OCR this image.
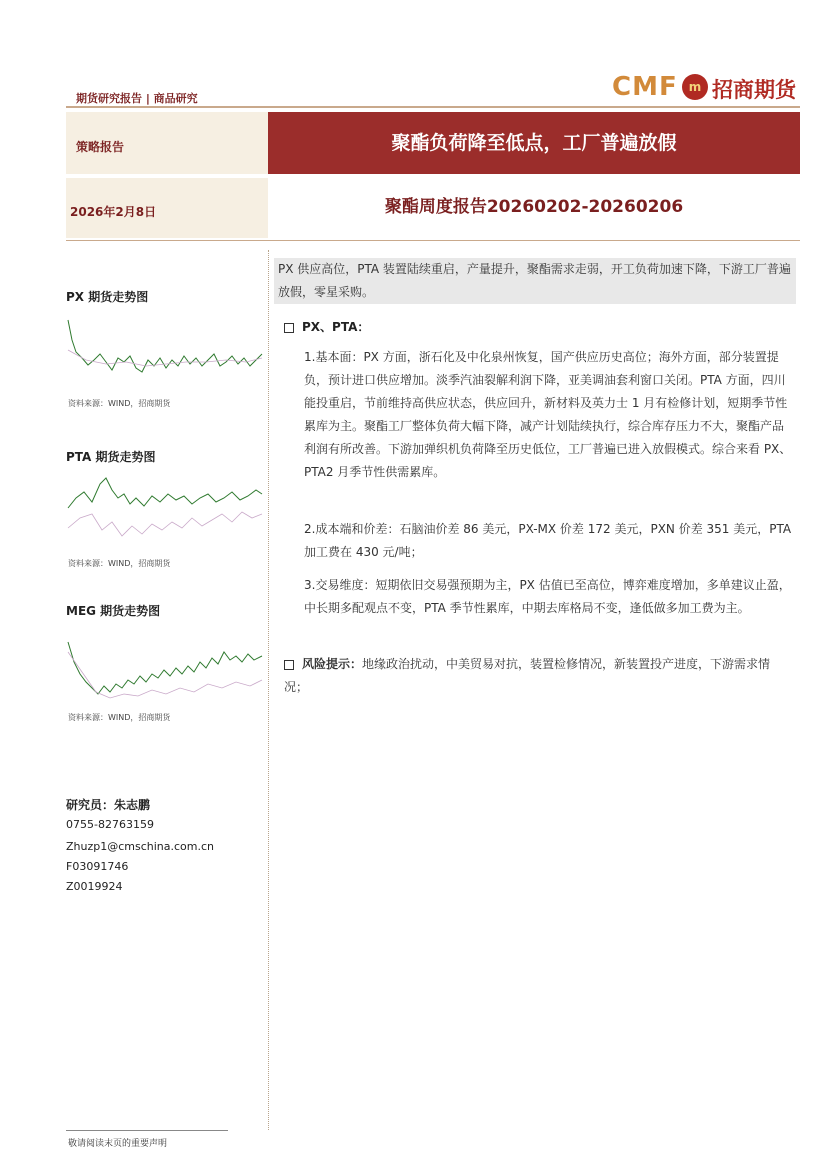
期货研究报告 | 商品研究	CMF m 招商期货
策略报告	聚酯负荷降至低点，工厂普遍放假
2026年2月8日	聚酯周度报告20260202-20260206
PX 供应高位，PTA 装置陆续重启，产量提升，聚酯需求走弱，开工负荷加速下降，下游工厂普遍放假，零星采购。
PX、PTA：
1.基本面：PX 方面，浙石化及中化泉州恢复，国产供应历史高位；海外方面，部分装置提负，预计进口供应增加。淡季汽油裂解利润下降，亚美调油套利窗口关闭。PTA 方面，四川能投重启，节前维持高供应状态，供应回升，新材料及英力士 1 月有检修计划，短期季节性累库为主。聚酯工厂整体负荷大幅下降，减产计划陆续执行，综合库存压力不大，聚酯产品利润有所改善。下游加弹织机负荷降至历史低位，工厂普遍已进入放假模式。综合来看 PX、PTA2 月季节性供需累库。
2.成本端和价差：石脑油价差 86 美元，PX-MX 价差 172 美元，PXN 价差 351 美元，PTA 加工费在 430 元/吨；
3.交易维度：短期依旧交易强预期为主，PX 估值已至高位，博弈难度增加，多单建议止盈，中长期多配观点不变，PTA 季节性累库，中期去库格局不变，逢低做多加工费为主。
风险提示：地缘政治扰动，中美贸易对抗，装置检修情况，新装置投产进度，下游需求情况；
PX 期货走势图
资料来源：WIND，招商期货
PTA 期货走势图
资料来源：WIND，招商期货
MEG 期货走势图
资料来源：WIND，招商期货
研究员：朱志鹏
0755-82763159
Zhuzp1@cmschina.com.cn
F03091746
Z0019924
敬请阅读末页的重要声明
